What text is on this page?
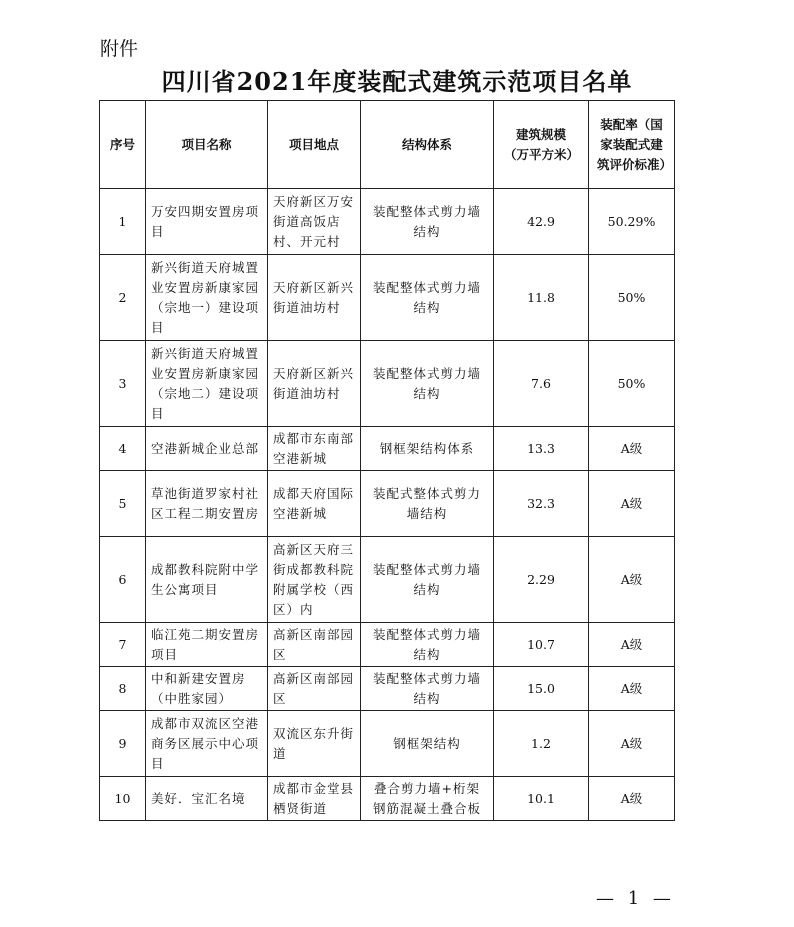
附件
四川省2021年度装配式建筑示范项目名单
序号	项目名称	项目地点	结构体系	建筑规模（万平方米）	装配率（国家装配式建筑评价标准）
1	万安四期安置房项目	天府新区万安街道高饭店村、开元村	装配整体式剪力墙结构	42.9	50.29%
2	新兴街道天府城置业安置房新康家园（宗地一）建设项目	天府新区新兴街道油坊村	装配整体式剪力墙结构	11.8	50%
3	新兴街道天府城置业安置房新康家园（宗地二）建设项目	天府新区新兴街道油坊村	装配整体式剪力墙结构	7.6	50%
4	空港新城企业总部	成都市东南部空港新城	钢框架结构体系	13.3	A级
5	草池街道罗家村社区工程二期安置房	成都天府国际空港新城	装配式整体式剪力墙结构	32.3	A级
6	成都教科院附中学生公寓项目	高新区天府三街成都教科院附属学校（西区）内	装配整体式剪力墙结构	2.29	A级
7	临江苑二期安置房项目	高新区南部园区	装配整体式剪力墙结构	10.7	A级
8	中和新建安置房（中胜家园）	高新区南部园区	装配整体式剪力墙结构	15.0	A级
9	成都市双流区空港商务区展示中心项目	双流区东升街道	钢框架结构	1.2	A级
10	美好．宝汇名境	成都市金堂县栖贤街道	叠合剪力墙+桁架钢筋混凝土叠合板	10.1	A级
— 1 —
